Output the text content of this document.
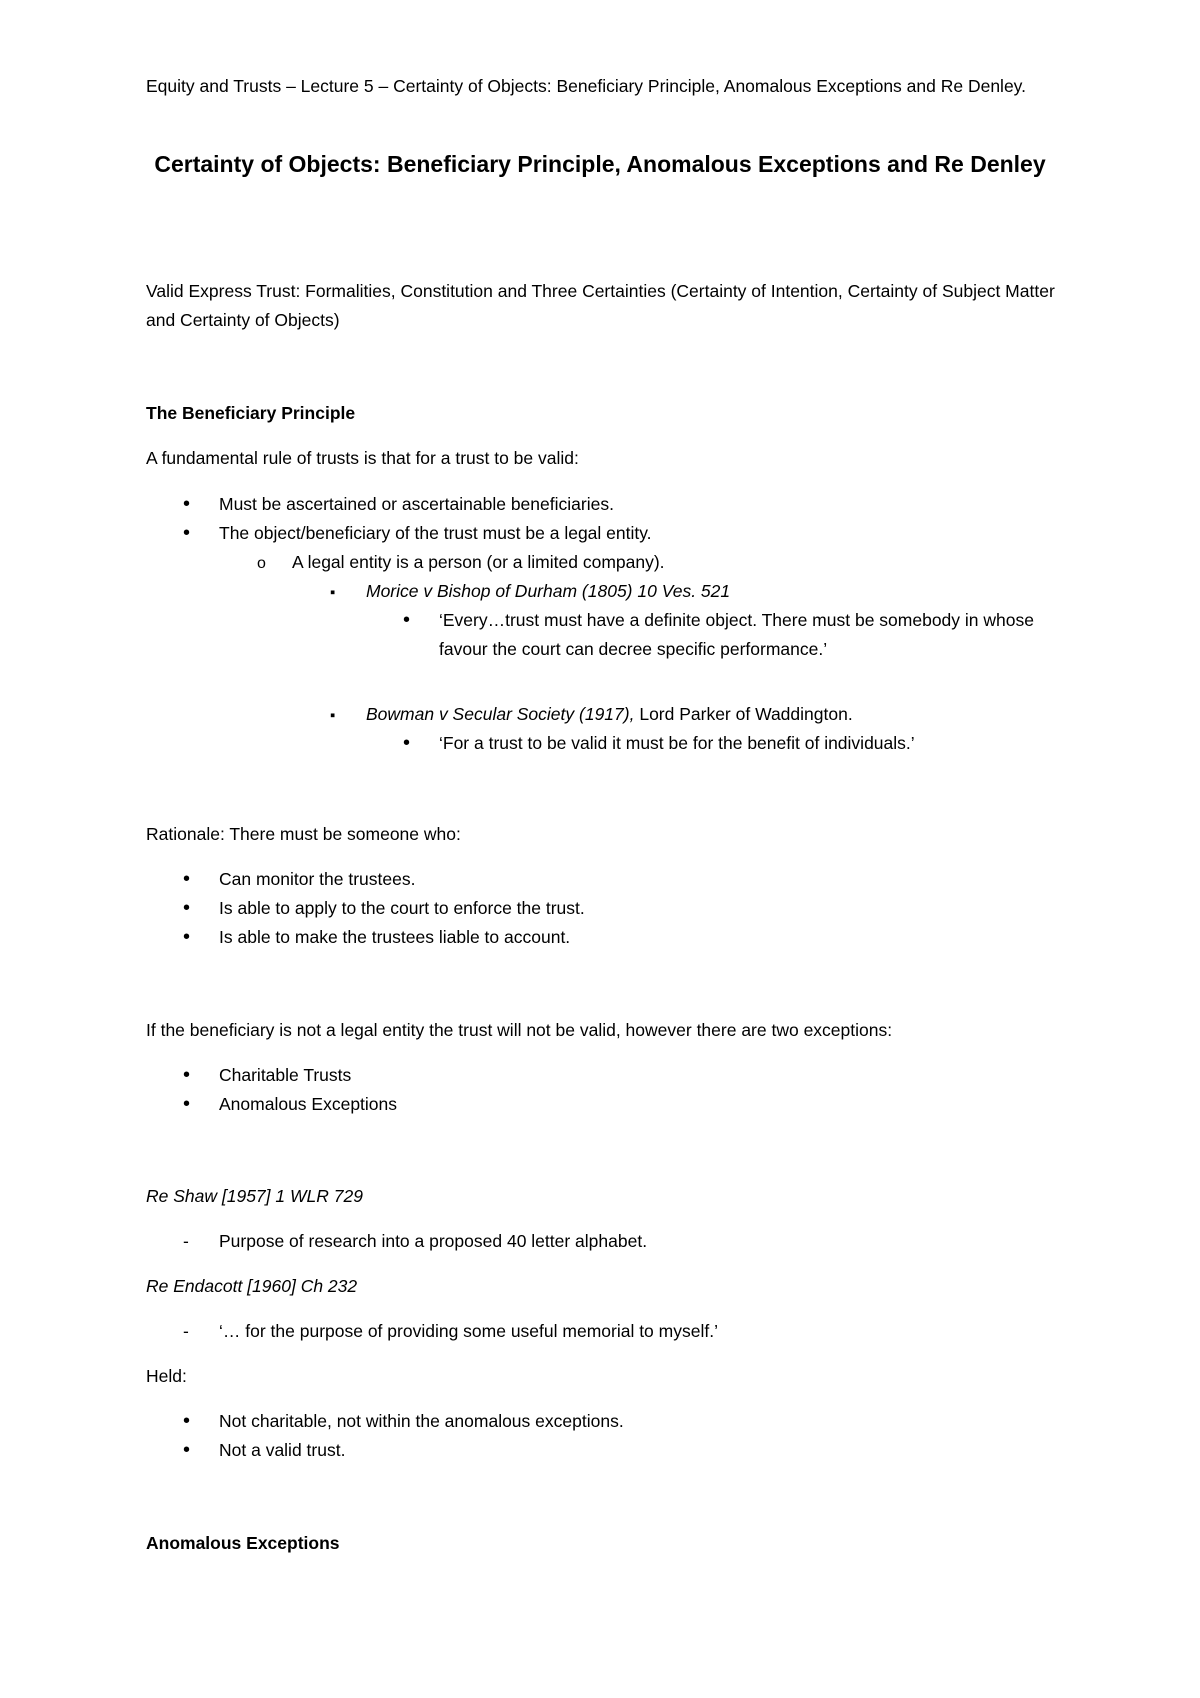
Equity and Trusts – Lecture 5 – Certainty of Objects: Beneficiary Principle, Anomalous Exceptions and Re Denley.

Certainty of Objects: Beneficiary Principle, Anomalous Exceptions and Re Denley

Valid Express Trust: Formalities, Constitution and Three Certainties (Certainty of Intention, Certainty of Subject Matter and Certainty of Objects)

The Beneficiary Principle

A fundamental rule of trusts is that for a trust to be valid:

•
Must be ascertained or ascertainable beneficiaries.
•
The object/beneficiary of the trust must be a legal entity.
o
A legal entity is a person (or a limited company).
▪
Morice v Bishop of Durham (1805) 10 Ves. 521
•
‘Every…trust must have a definite object. There must be somebody in whose favour the court can decree specific performance.’
▪
Bowman v Secular Society (1917), Lord Parker of Waddington.
•
‘For a trust to be valid it must be for the benefit of individuals.’

Rationale: There must be someone who:

•
Can monitor the trustees.
•
Is able to apply to the court to enforce the trust.
•
Is able to make the trustees liable to account.

If the beneficiary is not a legal entity the trust will not be valid, however there are two exceptions:

•
Charitable Trusts
•
Anomalous Exceptions

Re Shaw [1957] 1 WLR 729

-
Purpose of research into a proposed 40 letter alphabet.

Re Endacott [1960] Ch 232

-
‘… for the purpose of providing some useful memorial to myself.’

Held:

•
Not charitable, not within the anomalous exceptions.
•
Not a valid trust.

Anomalous Exceptions
